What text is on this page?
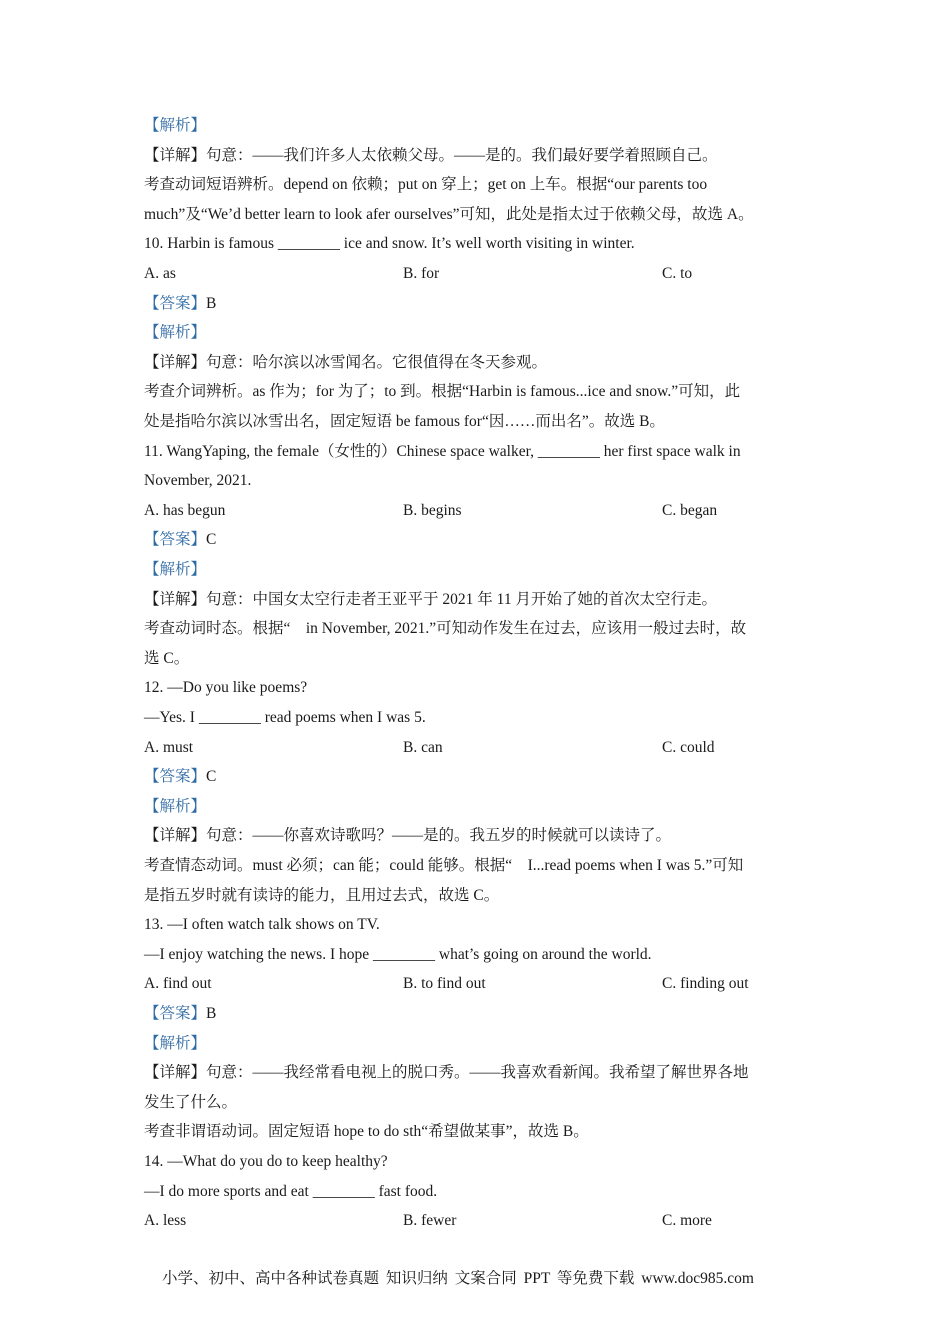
【解析】
【详解】句意：——我们许多人太依赖父母。——是的。我们最好要学着照顾自己。
考查动词短语辨析。depend on 依赖；put on 穿上；get on 上车。根据“our parents too
much”及“We’d better learn to look afer ourselves”可知，此处是指太过于依赖父母，故选 A。
10. Harbin is famous ________ ice and snow. It’s well worth visiting in winter.
A. as	B. for	C. to
【答案】B
【解析】
【详解】句意：哈尔滨以冰雪闻名。它很值得在冬天参观。
考查介词辨析。as 作为；for 为了；to 到。根据“Harbin is famous...ice and snow.”可知，此
处是指哈尔滨以冰雪出名，固定短语 be famous for“因……而出名”。故选 B。
11. WangYaping, the female（女性的）Chinese space walker, ________ her first space walk in
November, 2021.
A. has begun	B. begins	C. began
【答案】C
【解析】
【详解】句意：中国女太空行走者王亚平于 2021 年 11 月开始了她的首次太空行走。
考查动词时态。根据“　in November, 2021.”可知动作发生在过去，应该用一般过去时，故
选 C。
12. —Do you like poems?
—Yes. I ________ read poems when I was 5.
A. must	B. can	C. could
【答案】C
【解析】
【详解】句意：——你喜欢诗歌吗？——是的。我五岁的时候就可以读诗了。
考查情态动词。must 必须；can 能；could 能够。根据“　I...read poems when I was 5.”可知
是指五岁时就有读诗的能力，且用过去式，故选 C。
13. —I often watch talk shows on TV.
—I enjoy watching the news. I hope ________ what’s going on around the world.
A. find out	B. to find out	C. finding out
【答案】B
【解析】
【详解】句意：——我经常看电视上的脱口秀。——我喜欢看新闻。我希望了解世界各地
发生了什么。
考查非谓语动词。固定短语 hope to do sth“希望做某事”，故选 B。
14. —What do you do to keep healthy?
—I do more sports and eat ________ fast food.
A. less	B. fewer	C. more
小学、初中、高中各种试卷真题 知识归纳 文案合同 PPT 等免费下载 www.doc985.com
